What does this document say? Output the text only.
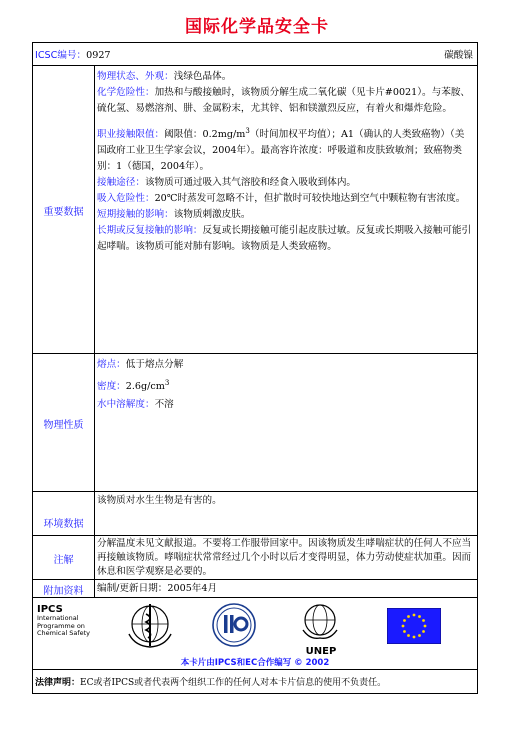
国际化学品安全卡
ICSC编号：0927	碳酸镍
重要数据
物理状态、外观：浅绿色晶体。
化学危险性：加热和与酸接触时，该物质分解生成二氧化碳（见卡片#0021）。与苯胺、硫化氢、易燃溶剂、肼、金属粉末，尤其锌、铝和镁激烈反应，有着火和爆炸危险。
职业接触限值：阈限值：$0.2mg/m^3$（时间加权平均值）；A1（确认的人类致癌物）（美国政府工业卫生学家会议，2004年）。最高容许浓度：呼吸道和皮肤致敏剂；致癌物类别：1（德国，2004年）。
接触途径：该物质可通过吸入其气溶胶和经食入吸收到体内。
吸入危险性：20℃时蒸发可忽略不计，但扩散时可较快地达到空气中颗粒物有害浓度。
短期接触的影响：该物质刺激皮肤。
长期或反复接触的影响：反复或长期接触可能引起皮肤过敏。反复或长期吸入接触可能引起哮喘。该物质可能对肺有影响。该物质是人类致癌物。
物理性质
熔点：低于熔点分解
密度：$2.6g/cm^3$
水中溶解度：不溶
环境数据
该物质对水生生物是有害的。
注解
分解温度未见文献报道。不要将工作服带回家中。因该物质发生哮喘症状的任何人不应当再接触该物质。哮喘症状常常经过几个小时以后才变得明显，体力劳动使症状加重。因而休息和医学观察是必要的。
附加资料	编制/更新日期：2005年4月
IPCS
International
Programme on
Chemical Safety
UNEP
本卡片由IPCS和EC合作编写 © 2002
法律声明：EC或者IPCS或者代表两个组织工作的任何人对本卡片信息的使用不负责任。
